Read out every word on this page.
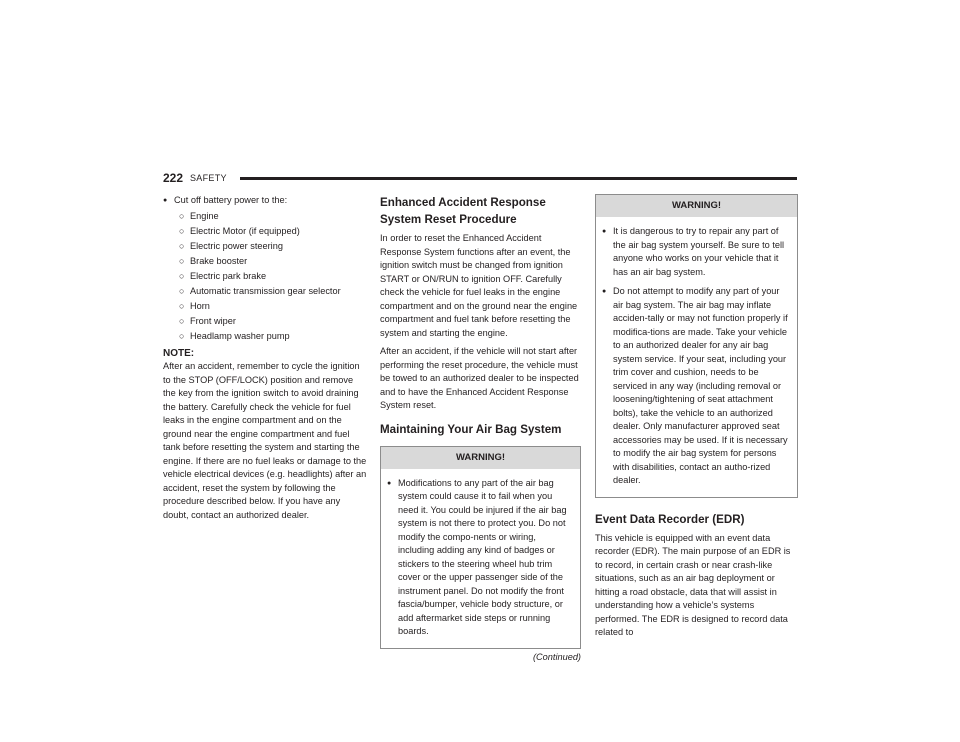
222 SAFETY
● Cut off battery power to the:
○ Engine
○ Electric Motor (if equipped)
○ Electric power steering
○ Brake booster
○ Electric park brake
○ Automatic transmission gear selector
○ Horn
○ Front wiper
○ Headlamp washer pump
NOTE:

After an accident, remember to cycle the ignition to the STOP (OFF/LOCK) position and remove the key from the ignition switch to avoid draining the battery. Carefully check the vehicle for fuel leaks in the engine compartment and on the ground near the engine compartment and fuel tank before resetting the system and starting the engine. If there are no fuel leaks or damage to the vehicle electrical devices (e.g. headlights) after an accident, reset the system by following the procedure described below. If you have any doubt, contact an authorized dealer.

Enhanced Accident Response System Reset Procedure

In order to reset the Enhanced Accident Response System functions after an event, the ignition switch must be changed from ignition START or ON/RUN to ignition OFF. Carefully check the vehicle for fuel leaks in the engine compartment and on the ground near the engine compartment and fuel tank before resetting the system and starting the engine.

After an accident, if the vehicle will not start after performing the reset procedure, the vehicle must be towed to an authorized dealer to be inspected and to have the Enhanced Accident Response System reset.

Maintaining Your Air Bag System
WARNING!
● Modifications to any part of the air bag system could cause it to fail when you need it. You could be injured if the air bag system is not there to protect you. Do not modify the compo-nents or wiring, including adding any kind of badges or stickers to the steering wheel hub trim cover or the upper passenger side of the instrument panel. Do not modify the front fascia/bumper, vehicle body structure, or add aftermarket side steps or running boards.
(Continued)
WARNING!
● It is dangerous to try to repair any part of the air bag system yourself. Be sure to tell anyone who works on your vehicle that it has an air bag system.
● Do not attempt to modify any part of your air bag system. The air bag may inflate acciden-tally or may not function properly if modifica-tions are made. Take your vehicle to an authorized dealer for any air bag system service. If your seat, including your trim cover and cushion, needs to be serviced in any way (including removal or loosening/tightening of seat attachment bolts), take the vehicle to an authorized dealer. Only manufacturer approved seat accessories may be used. If it is necessary to modify the air bag system for persons with disabilities, contact an autho-rized dealer.
Event Data Recorder (EDR)

This vehicle is equipped with an event data recorder (EDR). The main purpose of an EDR is to record, in certain crash or near crash-like situations, such as an air bag deployment or hitting a road obstacle, data that will assist in understanding how a vehicle’s systems performed. The EDR is designed to record data related to
